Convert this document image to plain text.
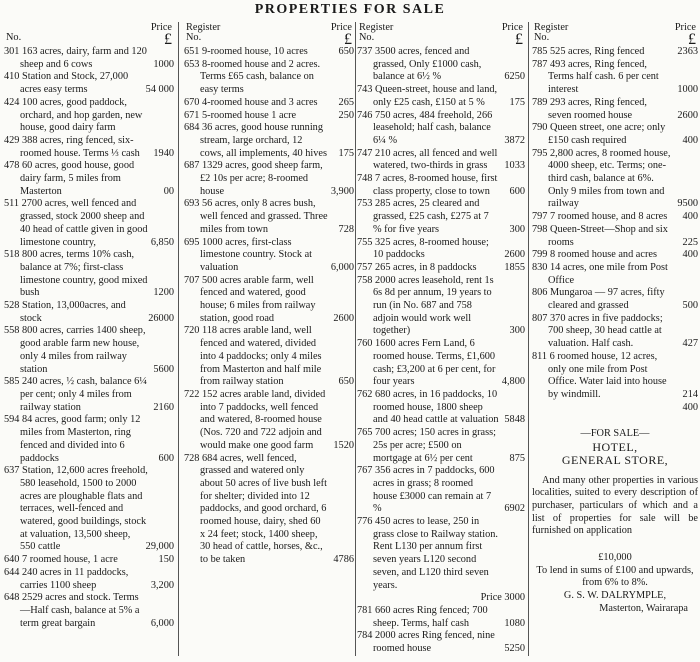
PROPERTIES FOR SALE
No.
Price
£

301 163 acres, dairy, farm and 120 sheep and 6 cows	1000

410 Station and Stock, 27,000 acres easy terms	54 000

424 100 acres, good paddock, orchard, and hop garden, new house, good dairy farm

429 388 acres, ring fenced, six-roomed house. Terms ⅓ cash 1940

478 60 acres, good house, good dairy farm, 5 miles from Masterton	00

511 2700 acres, well fenced and grassed, stock 2000 sheep and 40 head of cattle given in good limestone country,	6,850

518 800 acres, terms 10% cash, balance at 7%; first-class limestone country, good mixed bush	1200

528 Station, 13,000acres, and stock	26000

558 800 acres, carries 1400 sheep, good arable farm new house, only 4 miles from railway station	5600

585 240 acres, ½ cash, balance 6¼ per cent; only 4 miles from railway station	2160

594 84 acres, good farm; only 12 miles from Masterton, ring fenced and divided into 6 paddocks	600

637 Station, 12,600 acres freehold, 580 leasehold, 1500 to 2000 acres are ploughable flats and terraces, well-fenced and watered, good buildings, stock at valuation, 13,500 sheep, 550 cattle	29,000

640 7 roomed house, 1 acre	150

644 240 acres in 11 paddocks, carries 1100 sheep	3,200

648 2529 acres and stock. Terms—Half cash, balance at 5% a term great bargain	6,000

Register
No.
Price
£

651 9-roomed house, 10 acres	650

653 8-roomed house and 2 acres. Terms £65 cash, balance on easy terms

670 4-roomed house and 3 acres 265

671 5-roomed house 1 acre	250

684 36 acres, good house running stream, large orchard, 12 cows, all implements, 40 hives 175

687 1329 acres, good sheep farm, £2 10s per acre; 8-roomed house	3,900

693 56 acres, only 8 acres bush, well fenced and grassed. Three miles from town	728

695 1000 acres, first-class limestone country. Stock at valuation	6,000

707 500 acres arable farm, well fenced and watered, good house; 6 miles from railway station, good road	2600

720 118 acres arable land, well fenced and watered, divided into 4 paddocks; only 4 miles from Masterton and half mile from railway station	650

722 152 acres arable land, divided into 7 paddocks, well fenced and watered, 8-roomed house (Nos. 720 and 722 adjoin and would make one good farm 1520

728 684 acres, well fenced, grassed and watered only about 50 acres of live bush left for shelter; divided into 12 paddocks, and good orchard, 6 roomed house, dairy, shed 60 x 24 feet; stock, 1400 sheep, 30 head of cattle, horses, &c., to be taken	4786

Register
No.
Price
£

737 3500 acres, fenced and grassed, Only £1000 cash, balance at 6½ %	6250

743 Queen-street, house and land, only £25 cash, £150 at 5 % 175

746 750 acres, 484 freehold, 266 leasehold; half cash, balance 6¼ %	3872

747 210 acres, all fenced and well watered, two-thirds in grass 1033

748 7 acres, 8-roomed house, first class property, close to town 600

753 285 acres, 25 cleared and grassed, £25 cash, £275 at 7 % for five years	300

755 325 acres, 8-roomed house; 10 paddocks	2600

757 265 acres, in 8 paddocks	1855

758 2000 acres leasehold, rent 1s 6s 8d per annum, 19 years to run (in No. 687 and 758 adjoin would work well together)	300

760 1600 acres Fern Land, 6 roomed house. Terms, £1,600 cash; £3,200 at 6 per cent, for four years	4,800

762 680 acres, in 16 paddocks, 10 roomed house, 1800 sheep and 40 head cattle at valuation 5848

765 700 acres; 150 acres in grass; 25s per acre; £500 on mortgage at 6½ per cent	875

767 356 acres in 7 paddocks, 600 acres in grass; 8 roomed house £3000 can remain at 7 %	6902

776 450 acres to lease, 250 in grass close to Railway station. Rent L130 per annum first seven years L120 second seven, and L120 third seven years.

Price 3000

781 660 acres Ring fenced; 700 sheep. Terms, half cash	1080

784 2000 acres Ring fenced, nine roomed house	5250

Register
No.
Price
£

785 525 acres, Ring fenced	2363

787 493 acres, Ring fenced, Terms half cash. 6 per cent interest	1000

789 293 acres, Ring fenced, seven roomed house	2600

790 Queen street, one acre; only £150 cash required	400

795 2,800 acres, 8 roomed house, 4000 sheep, etc. Terms; one-third cash, balance at 6%. Only 9 miles from town and railway	9500

797 7 roomed house, and 8 acres 400

798 Queen-Street—Shop and six rooms	225

799 8 roomed house and acres 400

830 14 acres, one mile from Post Office

806 Mungaroa — 97 acres, fifty cleared and grassed	500

807 370 acres in five paddocks; 700 sheep, 30 head cattle at valuation. Half cash.	427

811 6 roomed house, 12 acres, only one mile from Post Office. Water laid into house by windmill.	214

400

—FOR SALE—

HOTEL,

GENERAL STORE,

And many other properties in various localities, suited to every description of purchaser, particulars of which and a list of properties for sale will be furnished on application

£10,000

To lend in sums of £100 and upwards, from 6% to 8%.

G. S. W. DALRYMPLE,

Masterton, Wairarapa
